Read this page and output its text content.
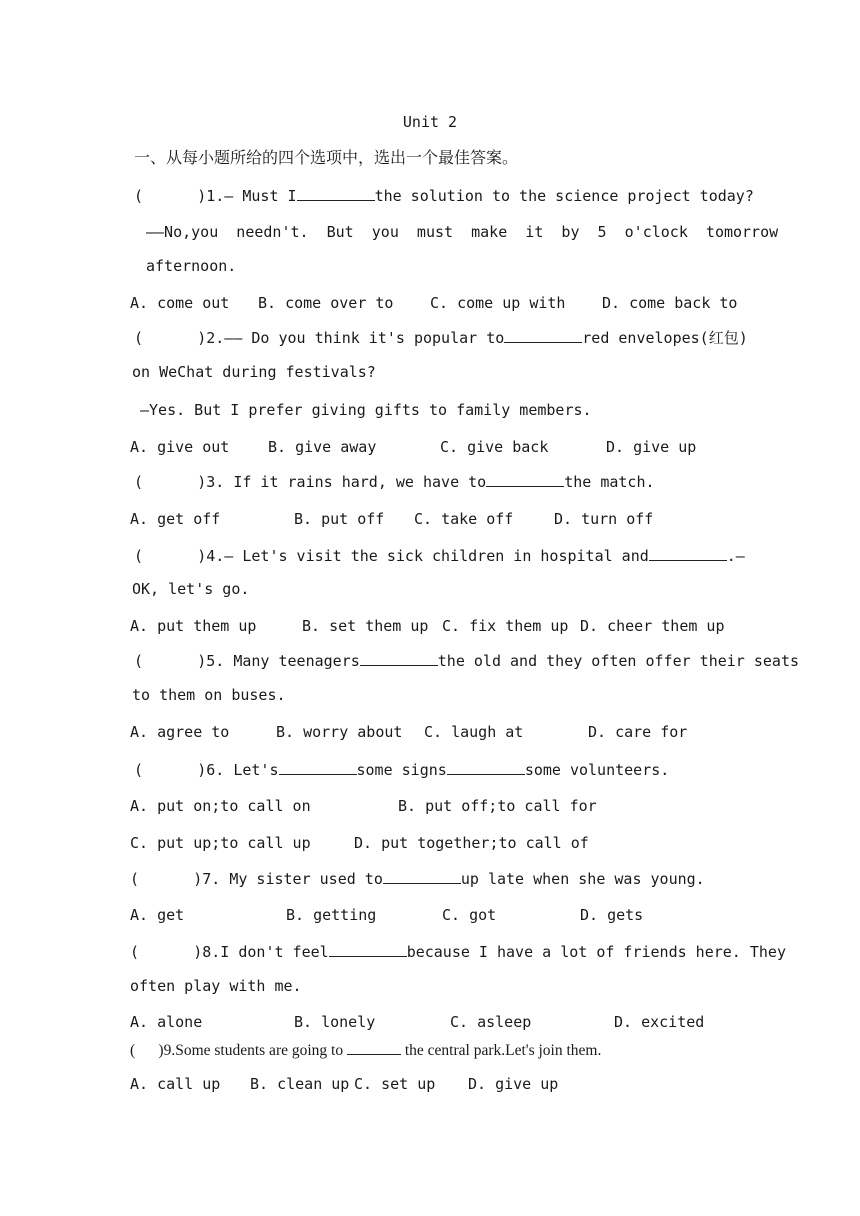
Unit 2
一、从每小题所给的四个选项中，选出一个最佳答案。
(      )1.— Must I	the solution to the science project today?
——No,you  needn't.  But  you  must  make  it  by  5  o'clock  tomorrow
afternoon.
A. come out B. come over to C. come up with D. come back to
(      )2.—— Do you think it's popular to	red envelopes(红包)
on WeChat during festivals?
—Yes. But I prefer giving gifts to family members.
A. give out	B. give away	C. give back	D. give up
(      )3. If it rains hard, we have to	the match.
A. get off	B. put off C. take off	D. turn off
(      )4.— Let's visit the sick children in hospital and	.—
OK, let's go.
A. put them up	B. set them up C. fix them up D. cheer them up
(      )5. Many teenagers	the old and they often offer their seats
to them on buses.
A. agree to	B. worry about C. laugh at	D. care for
(      )6. Let's	some signs	some volunteers.
A. put on;to call on	B. put off;to call for
C. put up;to call up	D. put together;to call of
(      )7. My sister used to	up late when she was young.
A. get	B. getting	C. got	D. gets
(      )8.I don't feel	because I have a lot of friends here. They
often play with me.
A. alone	B. lonely	C. asleep	D. excited
(      )9.Some students are going to	the central park.Let's join them.
A. call up B. clean up C. set up D. give up
